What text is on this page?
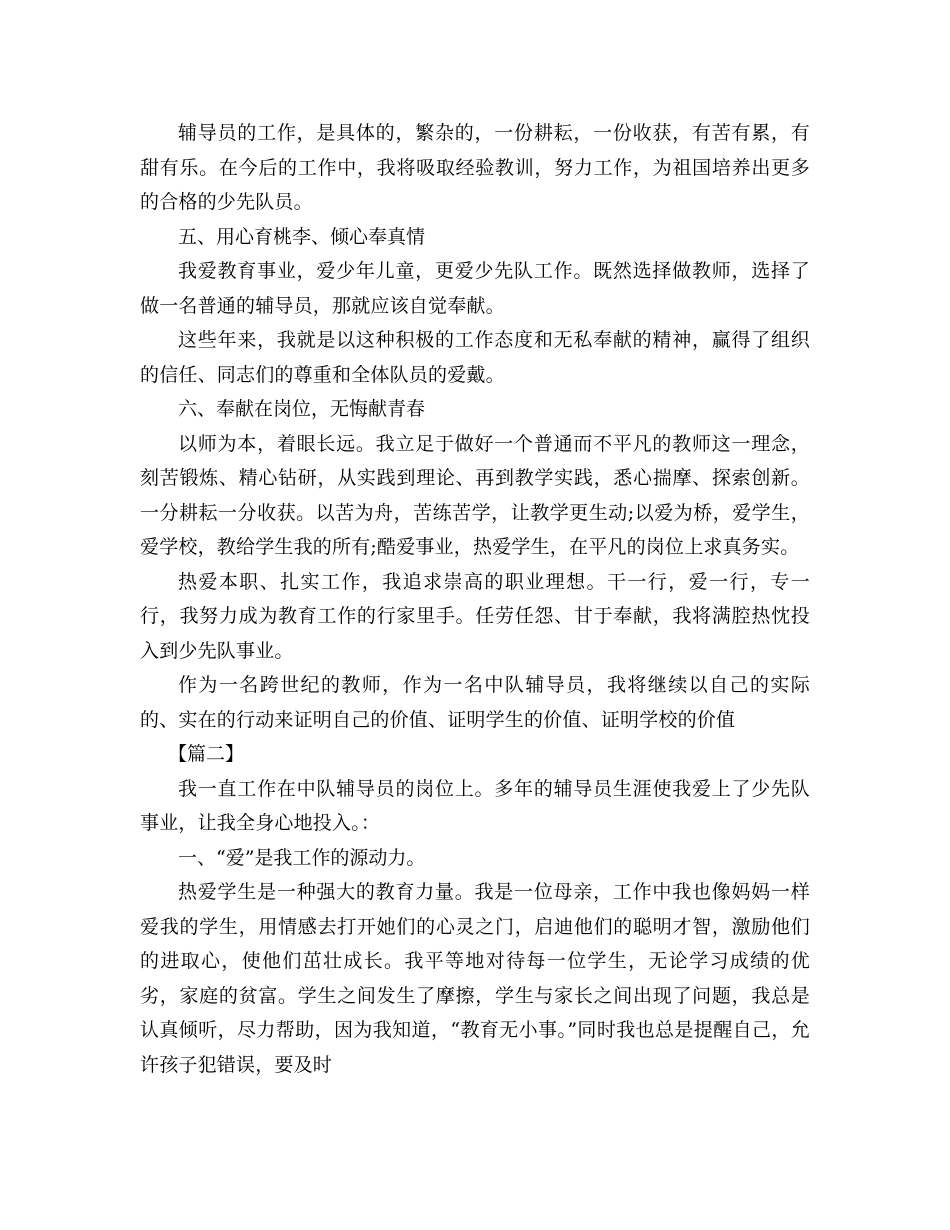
辅导员的工作，是具体的，繁杂的，一份耕耘，一份收获，有苦有累，有甜有乐。在今后的工作中，我将吸取经验教训，努力工作，为祖国培养出更多的合格的少先队员。

五、用心育桃李、倾心奉真情

我爱教育事业，爱少年儿童，更爱少先队工作。既然选择做教师，选择了做一名普通的辅导员，那就应该自觉奉献。

这些年来，我就是以这种积极的工作态度和无私奉献的精神，赢得了组织的信任、同志们的尊重和全体队员的爱戴。

六、奉献在岗位，无悔献青春

以师为本，着眼长远。我立足于做好一个普通而不平凡的教师这一理念，刻苦锻炼、精心钻研，从实践到理论、再到教学实践，悉心揣摩、探索创新。一分耕耘一分收获。以苦为舟，苦练苦学，让教学更生动;以爱为桥，爱学生，爱学校，教给学生我的所有;酷爱事业，热爱学生，在平凡的岗位上求真务实。

热爱本职、扎实工作，我追求崇高的职业理想。干一行，爱一行，专一行，我努力成为教育工作的行家里手。任劳任怨、甘于奉献，我将满腔热忱投入到少先队事业。

作为一名跨世纪的教师，作为一名中队辅导员，我将继续以自己的实际的、实在的行动来证明自己的价值、证明学生的价值、证明学校的价值

【篇二】

我一直工作在中队辅导员的岗位上。多年的辅导员生涯使我爱上了少先队事业，让我全身心地投入。：

一、“爱”是我工作的源动力。

热爱学生是一种强大的教育力量。我是一位母亲，工作中我也像妈妈一样爱我的学生，用情感去打开她们的心灵之门，启迪他们的聪明才智，激励他们的进取心，使他们茁壮成长。我平等地对待每一位学生，无论学习成绩的优劣，家庭的贫富。学生之间发生了摩擦，学生与家长之间出现了问题，我总是认真倾听，尽力帮助，因为我知道，“教育无小事。”同时我也总是提醒自己，允许孩子犯错误，要及时
